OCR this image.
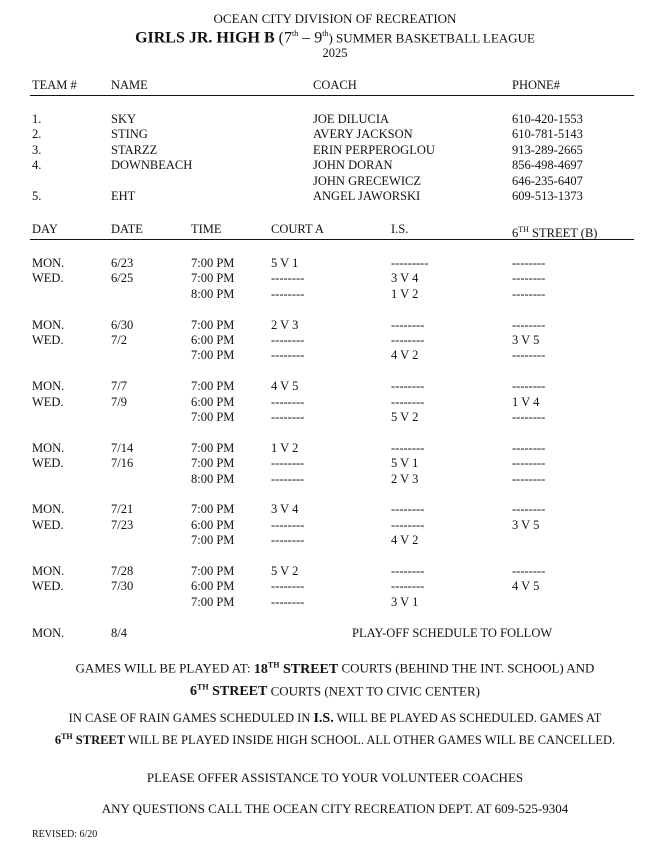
OCEAN CITY DIVISION OF RECREATION
GIRLS JR. HIGH B (7th – 9th) SUMMER BASKETBALL LEAGUE
2025
TEAM #	NAME	COACH	PHONE#
1.	SKY	JOE DILUCIA	610-420-1553
2.	STING	AVERY JACKSON	610-781-5143
3.	STARZZ	ERIN PERPEROGLOU	913-289-2665
4.	DOWNBEACH	JOHN DORAN	856-498-4697
JOHN GRECEWICZ	646-235-6407
5.	EHT	ANGEL JAWORSKI	609-513-1373
DAY	DATE	TIME	COURT A	I.S.	6TH STREET (B)
MON.	6/23	7:00 PM	5 V 1	---------	--------
WED.	6/25	7:00 PM	--------	3 V 4	--------
8:00 PM	--------	1 V 2	--------
MON.	6/30	7:00 PM	2 V 3	--------	--------
WED.	7/2	6:00 PM	--------	--------	3 V 5
7:00 PM	--------	4 V 2	--------
MON.	7/7	7:00 PM	4 V 5	--------	--------
WED.	7/9	6:00 PM	--------	--------	1 V 4
7:00 PM	--------	5 V 2	--------
MON.	7/14	7:00 PM	1 V 2	--------	--------
WED.	7/16	7:00 PM	--------	5 V 1	--------
8:00 PM	--------	2 V 3	--------
MON.	7/21	7:00 PM	3 V 4	--------	--------
WED.	7/23	6:00 PM	--------	--------	3 V 5
7:00 PM	--------	4 V 2
MON.	7/28	7:00 PM	5 V 2	--------	--------
WED.	7/30	6:00 PM	--------	--------	4 V 5
7:00 PM	--------	3 V 1
MON.	8/4	PLAY-OFF SCHEDULE TO FOLLOW
GAMES WILL BE PLAYED AT: 18TH STREET COURTS (BEHIND THE INT. SCHOOL) AND
6TH STREET COURTS (NEXT TO CIVIC CENTER)
IN CASE OF RAIN GAMES SCHEDULED IN I.S. WILL BE PLAYED AS SCHEDULED. GAMES AT
6TH STREET WILL BE PLAYED INSIDE HIGH SCHOOL. ALL OTHER GAMES WILL BE CANCELLED.
PLEASE OFFER ASSISTANCE TO YOUR VOLUNTEER COACHES
ANY QUESTIONS CALL THE OCEAN CITY RECREATION DEPT. AT 609-525-9304
REVISED: 6/20
